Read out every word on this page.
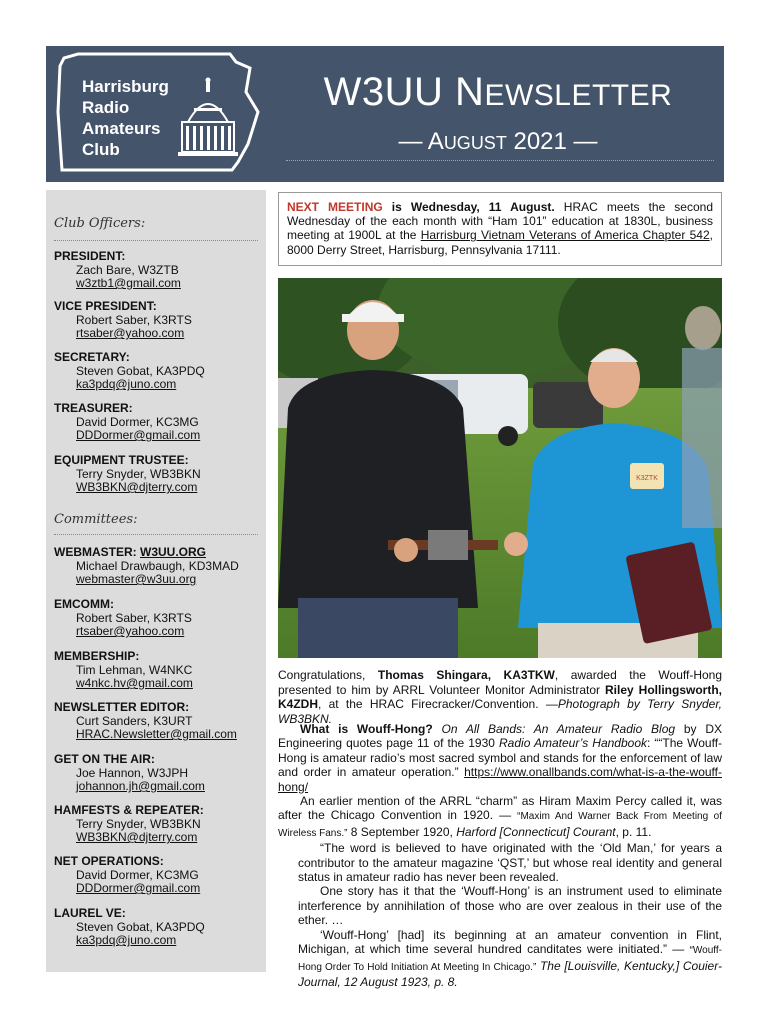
Harrisburg
Radio
Amateurs
Club
W3UU NEWSLETTER
— AUGUST 2021 —
Club Officers:
PRESIDENT:
Zach Bare, W3ZTB
w3ztb1@gmail.com
VICE PRESIDENT:
Robert Saber, K3RTS
rtsaber@yahoo.com
SECRETARY:
Steven Gobat, KA3PDQ
ka3pdq@juno.com
TREASURER:
David Dormer, KC3MG
DDDormer@gmail.com
EQUIPMENT TRUSTEE:
Terry Snyder, WB3BKN
WB3BKN@djterry.com
Committees:
WEBMASTER: W3UU.ORG
Michael Drawbaugh, KD3MAD
webmaster@w3uu.org
EMCOMM:
Robert Saber, K3RTS
rtsaber@yahoo.com
MEMBERSHIP:
Tim Lehman, W4NKC
w4nkc.hv@gmail.com
NEWSLETTER EDITOR:
Curt Sanders, K3URT
HRAC.Newsletter@gmail.com
GET ON THE AIR:
Joe Hannon, W3JPH
johannon.jh@gmail.com
HAMFESTS & REPEATER:
Terry Snyder, WB3BKN
WB3BKN@djterry.com
NET OPERATIONS:
David Dormer, KC3MG
DDDormer@gmail.com
LAUREL VE:
Steven Gobat, KA3PDQ
ka3pdq@juno.com
NEXT MEETING is Wednesday, 11 August. HRAC meets the second Wednesday of the each month with “Ham 101” education at 1830L, business meeting at 1900L at the Harrisburg Vietnam Veterans of America Chapter 542, 8000 Derry Street, Harrisburg, Pennsylvania 17111.
K3ZTK
Congratulations, Thomas Shingara, KA3TKW, awarded the Wouff-Hong presented to him by ARRL Volunteer Monitor Administrator Riley Hollingsworth, K4ZDH, at the HRAC Firecracker/Convention. —Photograph by Terry Snyder, WB3BKN.

What is Wouff-Hong? On All Bands: An Amateur Radio Blog by DX Engineering quotes page 11 of the 1930 Radio Amateur’s Handbook: ““The Wouff-Hong is amateur radio’s most sacred symbol and stands for the enforcement of law and order in amateur operation.” https://www.onallbands.com/what-is-a-the-wouff-hong/

An earlier mention of the ARRL “charm” as Hiram Maxim Percy called it, was after the Chicago Convention in 1920. — “Maxim And Warner Back From Meeting of Wireless Fans.” 8 September 1920, Harford [Connecticut] Courant, p. 11.

“The word is believed to have originated with the ‘Old Man,’ for years a contributor to the amateur magazine ‘QST,’ but whose real identity and general status in amateur radio has never been revealed.

One story has it that the ‘Wouff-Hong’ is an instrument used to eliminate interference by annihilation of those who are over zealous in their use of the ether. …

‘Wouff-Hong’ [had] its beginning at an amateur convention in Flint, Michigan, at which time several hundred canditates were initiated.” — “Wouff-Hong Order To Hold Initiation At Meeting In Chicago.” The [Louisville, Kentucky,] Couier-Journal, 12 August 1923, p. 8.
